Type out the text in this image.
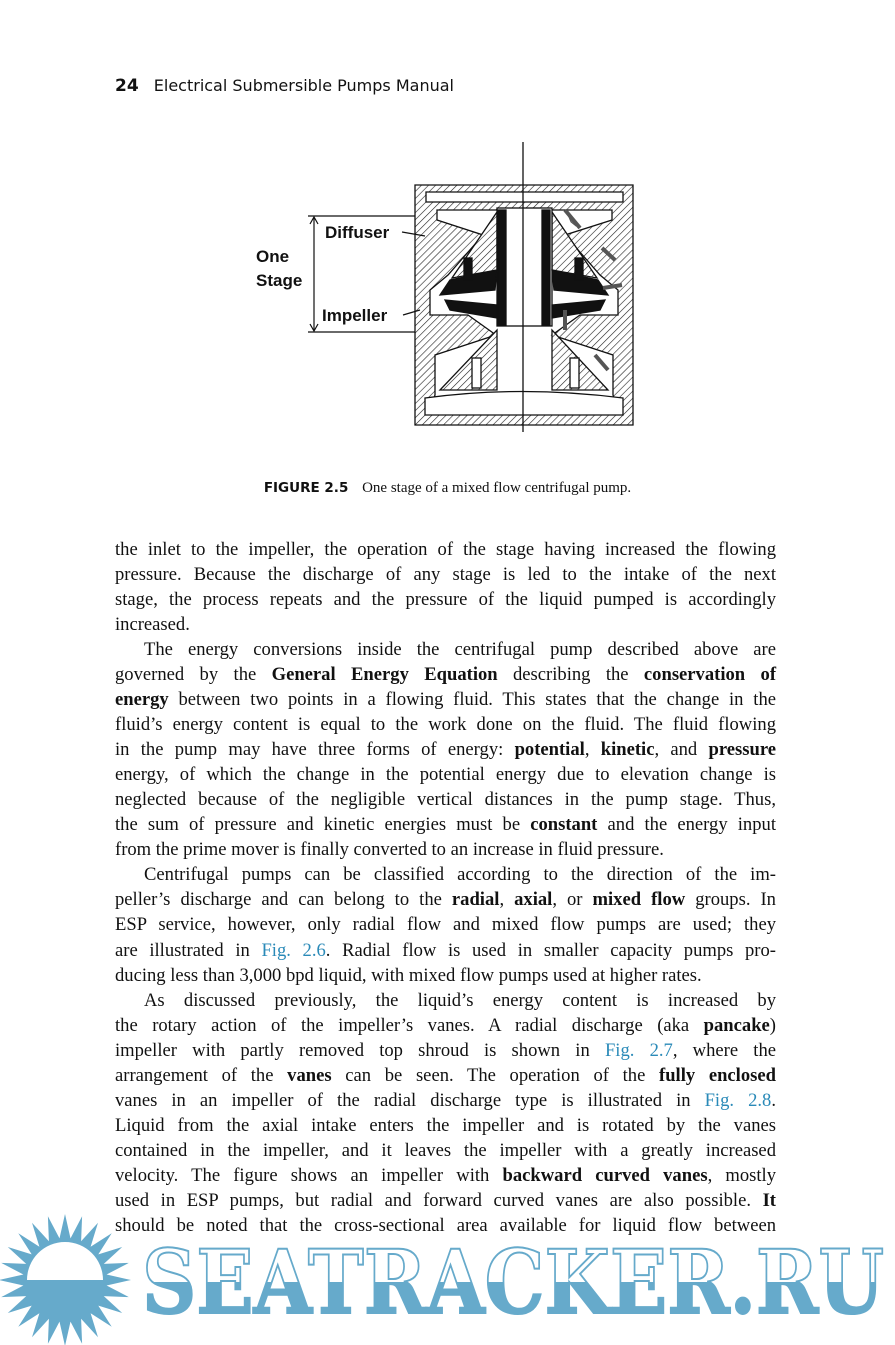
24 Electrical Submersible Pumps Manual
One
Stage
Diffuser
Impeller
FIGURE 2.5 One stage of a mixed flow centrifugal pump.
the inlet to the impeller, the operation of the stage having increased the flowing
pressure. Because the discharge of any stage is led to the intake of the next
stage, the process repeats and the pressure of the liquid pumped is accordingly
increased.
The energy conversions inside the centrifugal pump described above are
governed by the General Energy Equation describing the conservation of
energy between two points in a flowing fluid. This states that the change in the
fluid’s energy content is equal to the work done on the fluid. The fluid flowing
in the pump may have three forms of energy: potential, kinetic, and pressure
energy, of which the change in the potential energy due to elevation change is
neglected because of the negligible vertical distances in the pump stage. Thus,
the sum of pressure and kinetic energies must be constant and the energy input
from the prime mover is finally converted to an increase in fluid pressure.
Centrifugal pumps can be classified according to the direction of the im-
peller’s discharge and can belong to the radial, axial, or mixed flow groups. In
ESP service, however, only radial flow and mixed flow pumps are used; they
are illustrated in Fig. 2.6. Radial flow is used in smaller capacity pumps pro-
ducing less than 3,000 bpd liquid, with mixed flow pumps used at higher rates.
As discussed previously, the liquid’s energy content is increased by
the rotary action of the impeller’s vanes. A radial discharge (aka pancake)
impeller with partly removed top shroud is shown in Fig. 2.7, where the
arrangement of the vanes can be seen. The operation of the fully enclosed
vanes in an impeller of the radial discharge type is illustrated in Fig. 2.8.
Liquid from the axial intake enters the impeller and is rotated by the vanes
contained in the impeller, and it leaves the impeller with a greatly increased
velocity. The figure shows an impeller with backward curved vanes, mostly
used in ESP pumps, but radial and forward curved vanes are also possible. It
should be noted that the cross-sectional area available for liquid flow between
SEATRACKER.RU
